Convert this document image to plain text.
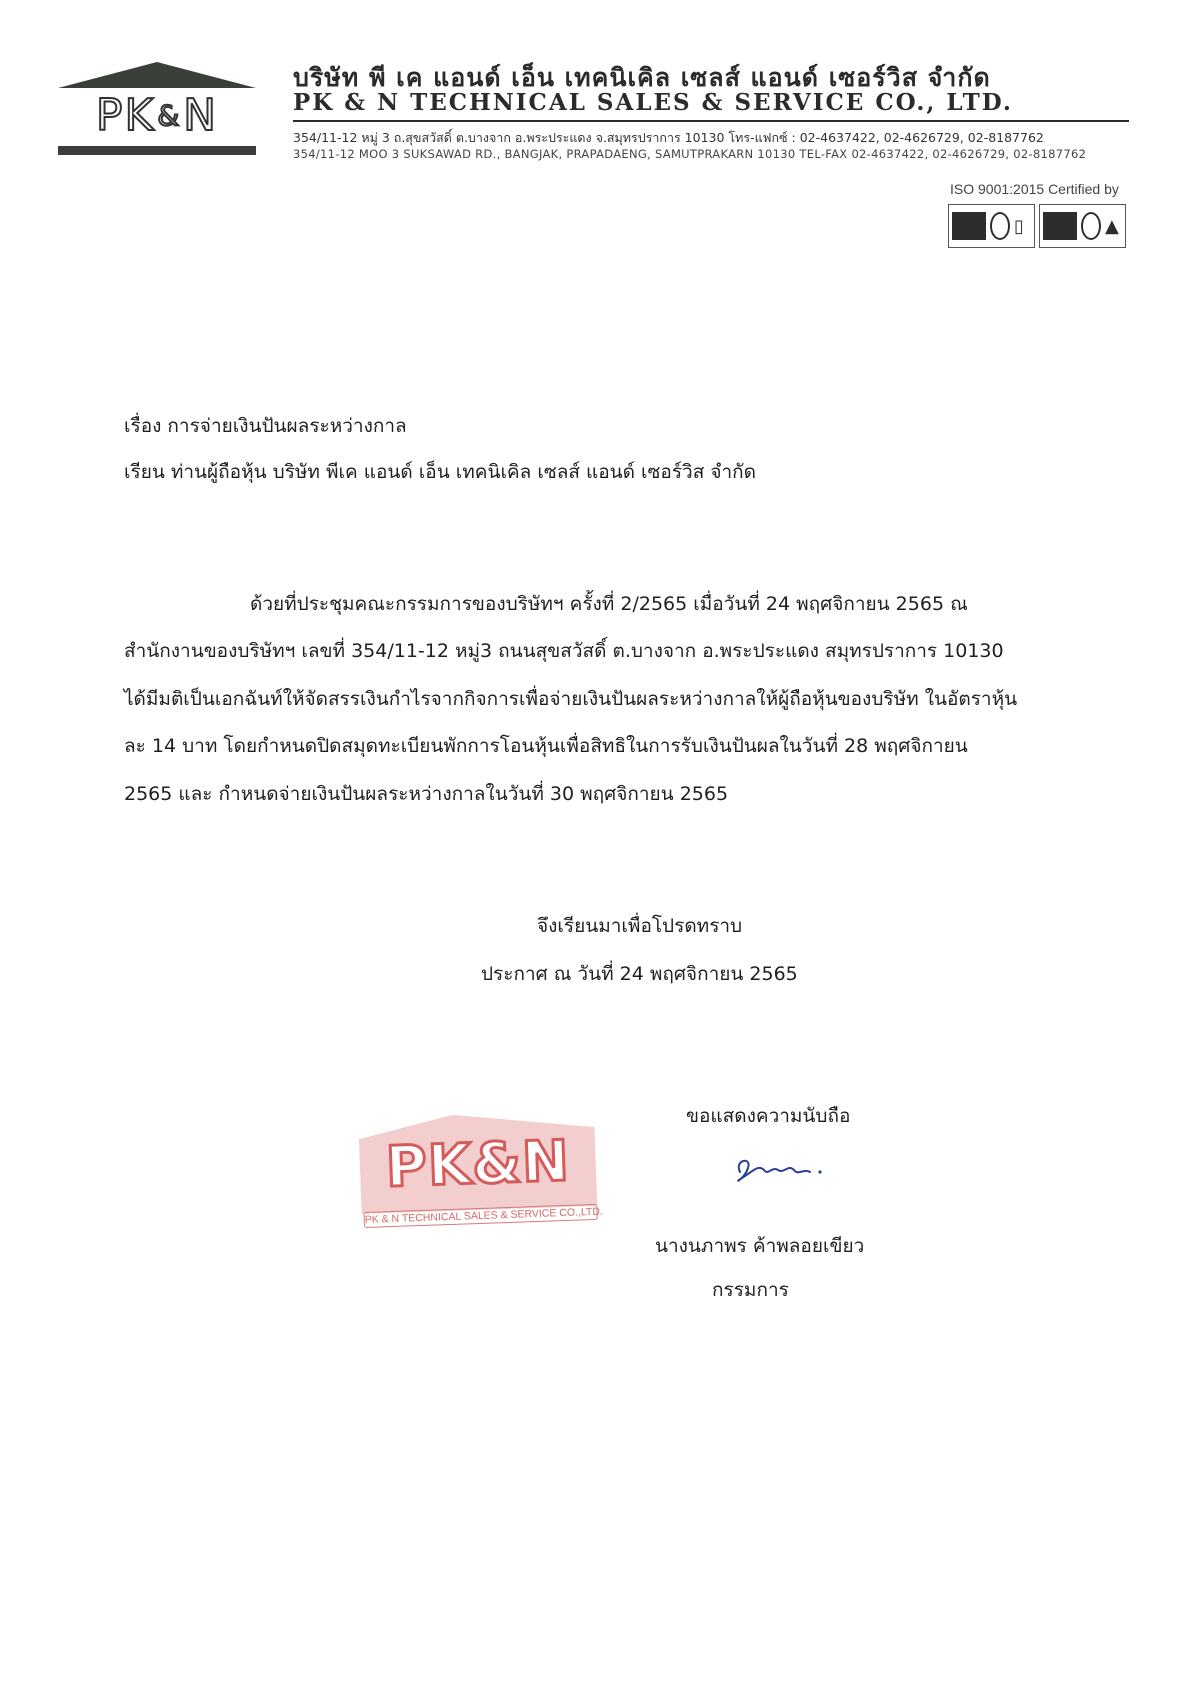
PK & N
บริษัท พี เค แอนด์ เอ็น เทคนิเคิล เซลส์ แอนด์ เซอร์วิส จำกัด
PK & N TECHNICAL SALES & SERVICE CO., LTD.
354/11-12 หมู่ 3 ถ.สุขสวัสดิ์ ต.บางจาก อ.พระประแดง จ.สมุทรปราการ 10130 โทร-แฟกซ์ : 02-4637422, 02-4626729, 02-8187762
354/11-12 MOO 3 SUKSAWAD RD., BANGJAK, PRAPADAENG, SAMUTPRAKARN 10130 TEL-FAX 02-4637422, 02-4626729, 02-8187762
ISO 9001:2015 Certified by
▯	▲
เรื่อง การจ่ายเงินปันผลระหว่างกาล
เรียน ท่านผู้ถือหุ้น บริษัท พีเค แอนด์ เอ็น เทคนิเคิล เซลส์ แอนด์ เซอร์วิส จำกัด
ด้วยที่ประชุมคณะกรรมการของบริษัทฯ ครั้งที่ 2/2565 เมื่อวันที่ 24 พฤศจิกายน 2565 ณ
สำนักงานของบริษัทฯ เลขที่ 354/11-12 หมู่3 ถนนสุขสวัสดิ์ ต.บางจาก อ.พระประแดง สมุทรปราการ 10130
ได้มีมติเป็นเอกฉันท์ให้จัดสรรเงินกำไรจากกิจการเพื่อจ่ายเงินปันผลระหว่างกาลให้ผู้ถือหุ้นของบริษัท ในอัตราหุ้น
ละ 14 บาท โดยกำหนดปิดสมุดทะเบียนพักการโอนหุ้นเพื่อสิทธิในการรับเงินปันผลในวันที่ 28 พฤศจิกายน
2565 และ กำหนดจ่ายเงินปันผลระหว่างกาลในวันที่ 30 พฤศจิกายน 2565
จึงเรียนมาเพื่อโปรดทราบ
ประกาศ ณ วันที่ 24 พฤศจิกายน 2565
ขอแสดงความนับถือ
นางนภาพร ค้าพลอยเขียว
กรรมการ
PK&N
PK & N TECHNICAL SALES & SERVICE CO.,LTD.
